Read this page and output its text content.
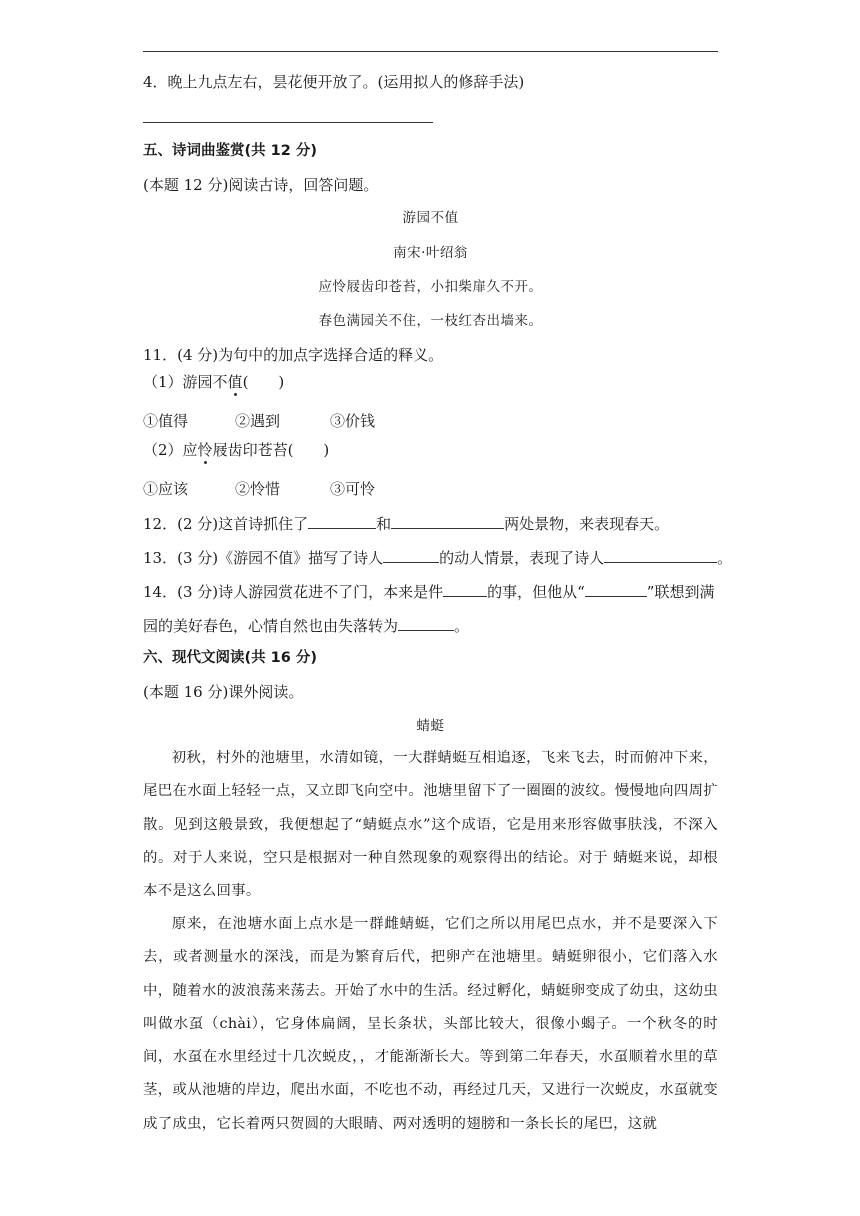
4．晚上九点左右，昙花便开放了。(运用拟人的修辞手法)
五、诗词曲鉴赏(共 12 分)
(本题 12 分)阅读古诗，回答问题。
游园不值
南宋·叶绍翁
应怜屐齿印苍苔，小扣柴扉久不开。
春色满园关不住，一枝红杏出墙来。
11．(4 分)为句中的加点字选择合适的释义。
（1）游园不值(　　)
①值得	②遇到	③价钱
（2）应怜屐齿印苍苔(　　)
①应该	②怜惜	③可怜
12．(2 分)这首诗抓住了	和	两处景物，来表现春天。
13．(3 分)《游园不值》描写了诗人	的动人情景，表现了诗人	。
14．(3 分)诗人游园赏花进不了门，本来是件	的事，但他从“	”联想到满
园的美好春色，心情自然也由失落转为	。
六、现代文阅读(共 16 分)
(本题 16 分)课外阅读。
蜻蜓
初秋，村外的池塘里，水清如镜，一大群蜻蜓互相追逐，飞来飞去，时而俯冲下来，尾巴在水面上轻轻一点，又立即飞向空中。池塘里留下了一圈圈的波纹。慢慢地向四周扩散。见到这般景致，我便想起了“蜻蜓点水”这个成语，它是用来形容做事肤浅，不深入的。对于人来说，空只是根据对一种自然现象的观察得出的结论。对于 蜻蜓来说，却根本不是这么回事。
原来，在池塘水面上点水是一群雌蜻蜓，它们之所以用尾巴点水，并不是要深入下去，或者测量水的深浅，而是为繁育后代，把卵产在池塘里。蜻蜓卵很小，它们落入水中，随着水的波浪荡来荡去。开始了水中的生活。经过孵化，蜻蜓卵变成了幼虫，这幼虫叫做水虿（chài），它身体扁阔，呈长条状，头部比较大，很像小蝎子。一个秋冬的时间，水虿在水里经过十几次蜕皮，，才能渐渐长大。等到第二年春天，水虿顺着水里的草茎，或从池塘的岸边，爬出水面，不吃也不动，再经过几天，又进行一次蜕皮，水虿就变成了成虫，它长着两只贺圆的大眼睛、两对透明的翅膀和一条长长的尾巴，这就
